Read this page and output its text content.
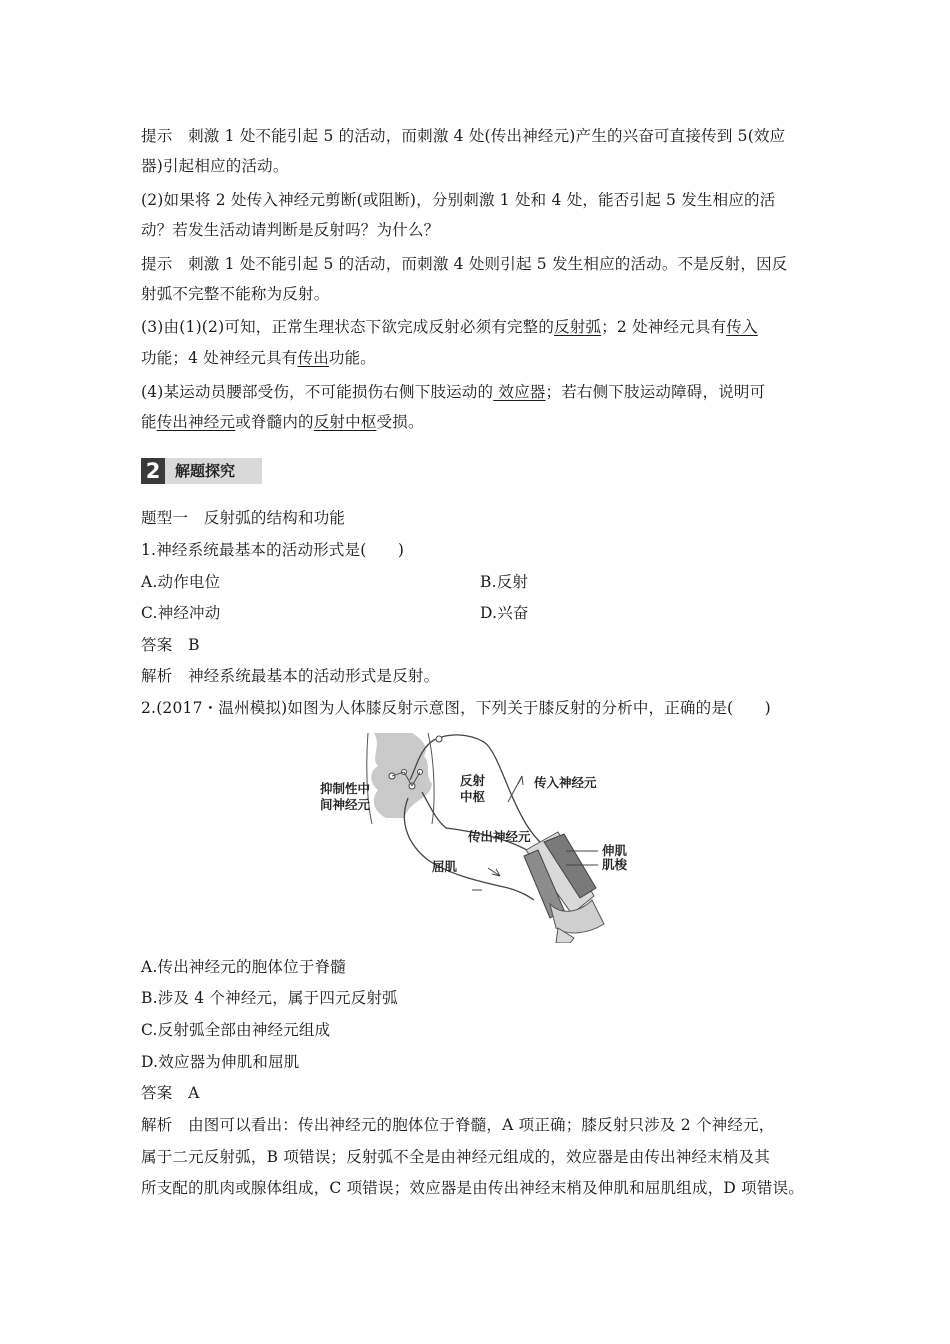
提示　刺激 1 处不能引起 5 的活动，而刺激 4 处(传出神经元)产生的兴奋可直接传到 5(效应
器)引起相应的活动。
(2)如果将 2 处传入神经元剪断(或阻断)，分别刺激 1 处和 4 处，能否引起 5 发生相应的活
动？若发生活动请判断是反射吗？为什么？
提示　刺激 1 处不能引起 5 的活动，而刺激 4 处则引起 5 发生相应的活动。不是反射，因反
射弧不完整不能称为反射。
(3)由(1)(2)可知，正常生理状态下欲完成反射必须有完整的反射弧；2 处神经元具有传入
功能；4 处神经元具有传出功能。
(4)某运动员腰部受伤，不可能损伤右侧下肢运动的 效应器；若右侧下肢运动障碍，说明可
能传出神经元或脊髓内的反射中枢受损。
2 解题探究
题型一　反射弧的结构和功能
1.神经系统最基本的活动形式是(　　)
A.动作电位	B.反射
C.神经冲动	D.兴奋
答案　B
解析　神经系统最基本的活动形式是反射。
2.(2017・温州模拟)如图为人体膝反射示意图，下列关于膝反射的分析中，正确的是(　　)
抑制性中
间神经元
反射
中枢
传入神经元
传出神经元
屈肌
伸肌
肌梭
A.传出神经元的胞体位于脊髓
B.涉及 4 个神经元，属于四元反射弧
C.反射弧全部由神经元组成
D.效应器为伸肌和屈肌
答案　A
解析　由图可以看出：传出神经元的胞体位于脊髓，A 项正确；膝反射只涉及 2 个神经元，
属于二元反射弧，B 项错误；反射弧不全是由神经元组成的，效应器是由传出神经末梢及其
所支配的肌肉或腺体组成，C 项错误；效应器是由传出神经末梢及伸肌和屈肌组成，D 项错误。
